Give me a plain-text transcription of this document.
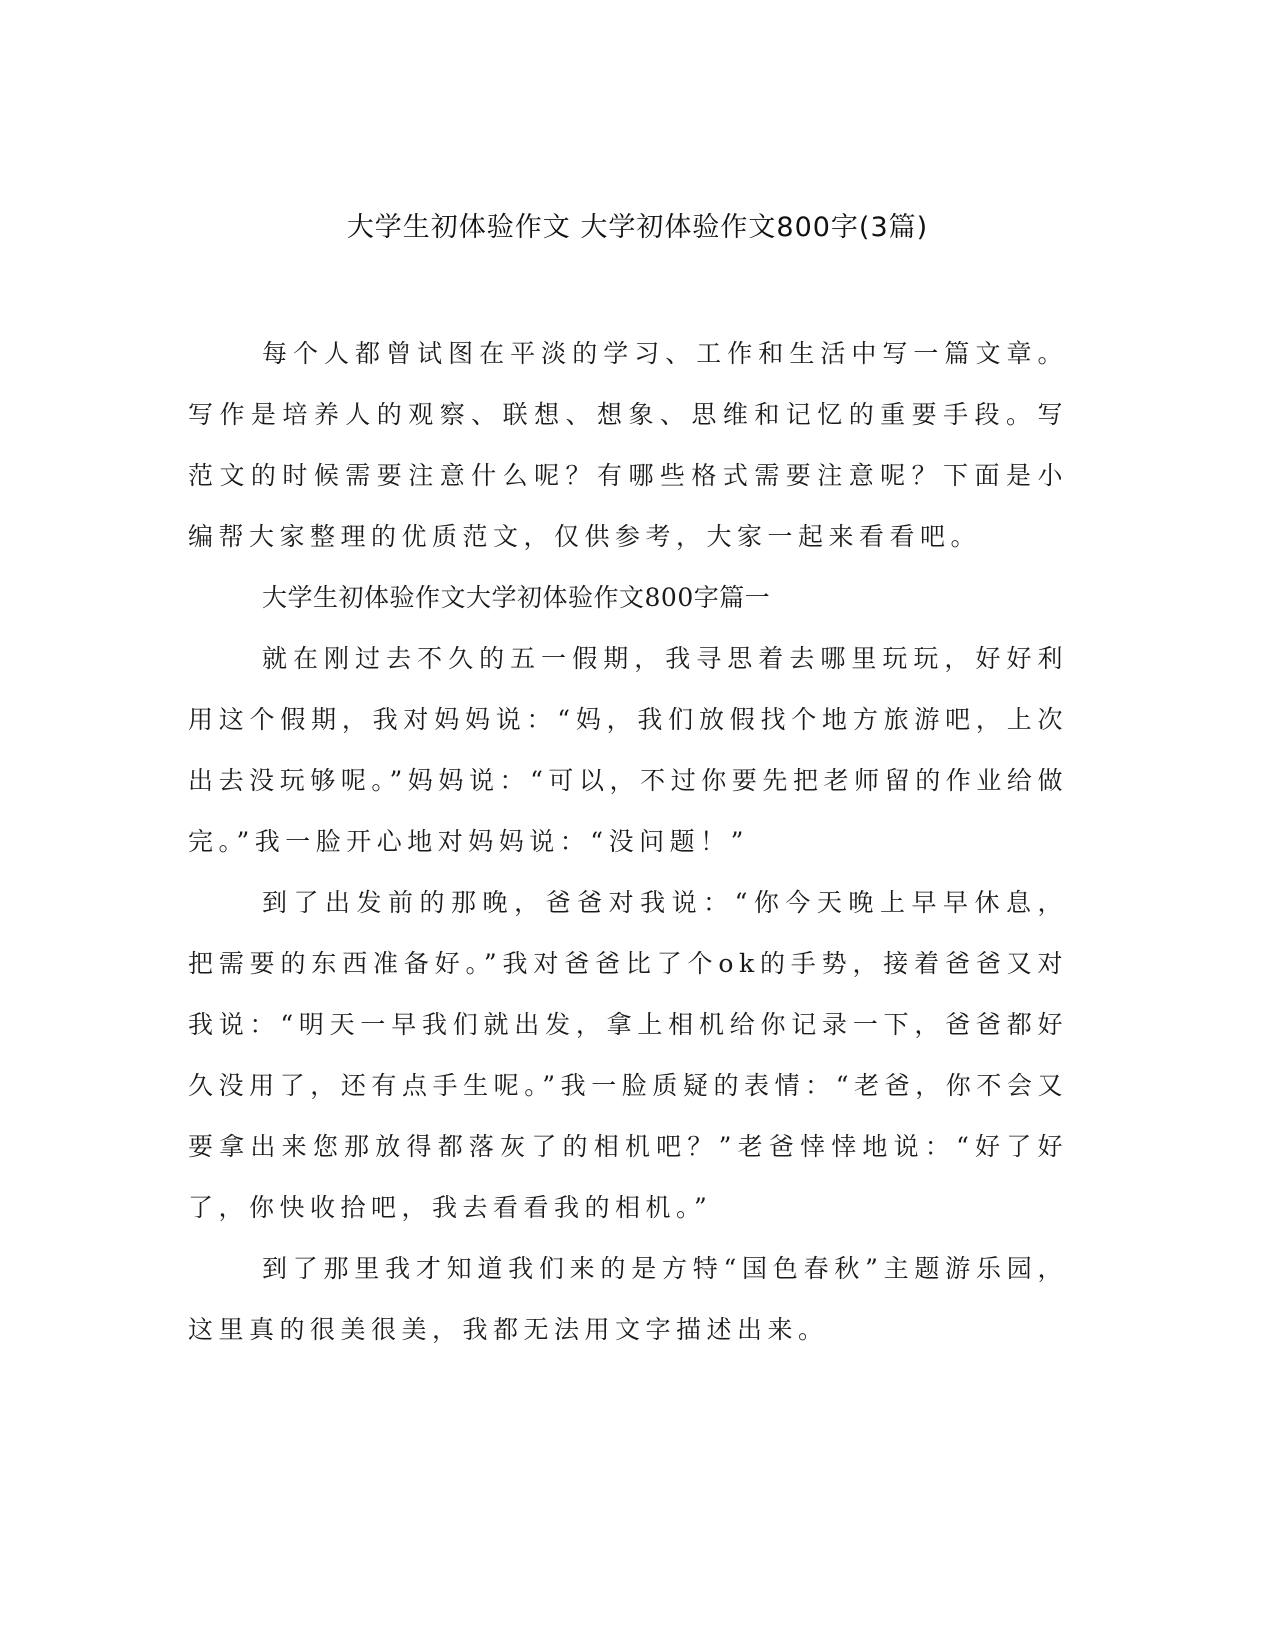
大学生初体验作文 大学初体验作文800字(3篇)

每个人都曾试图在平淡的学习、工作和生活中写一篇文章。写作是培养人的观察、联想、想象、思维和记忆的重要手段。写范文的时候需要注意什么呢？有哪些格式需要注意呢？下面是小编帮大家整理的优质范文，仅供参考，大家一起来看看吧。

大学生初体验作文大学初体验作文800字篇一

就在刚过去不久的五一假期，我寻思着去哪里玩玩，好好利用这个假期，我对妈妈说：“妈，我们放假找个地方旅游吧，上次出去没玩够呢。”妈妈说：“可以，不过你要先把老师留的作业给做完。”我一脸开心地对妈妈说：“没问题！”

到了出发前的那晚，爸爸对我说：“你今天晚上早早休息，把需要的东西准备好。”我对爸爸比了个ok的手势，接着爸爸又对我说：“明天一早我们就出发，拿上相机给你记录一下，爸爸都好久没用了，还有点手生呢。”我一脸质疑的表情：“老爸，你不会又要拿出来您那放得都落灰了的相机吧？”老爸悻悻地说：“好了好了，你快收拾吧，我去看看我的相机。”

到了那里我才知道我们来的是方特“国色春秋”主题游乐园，这里真的很美很美，我都无法用文字描述出来。
